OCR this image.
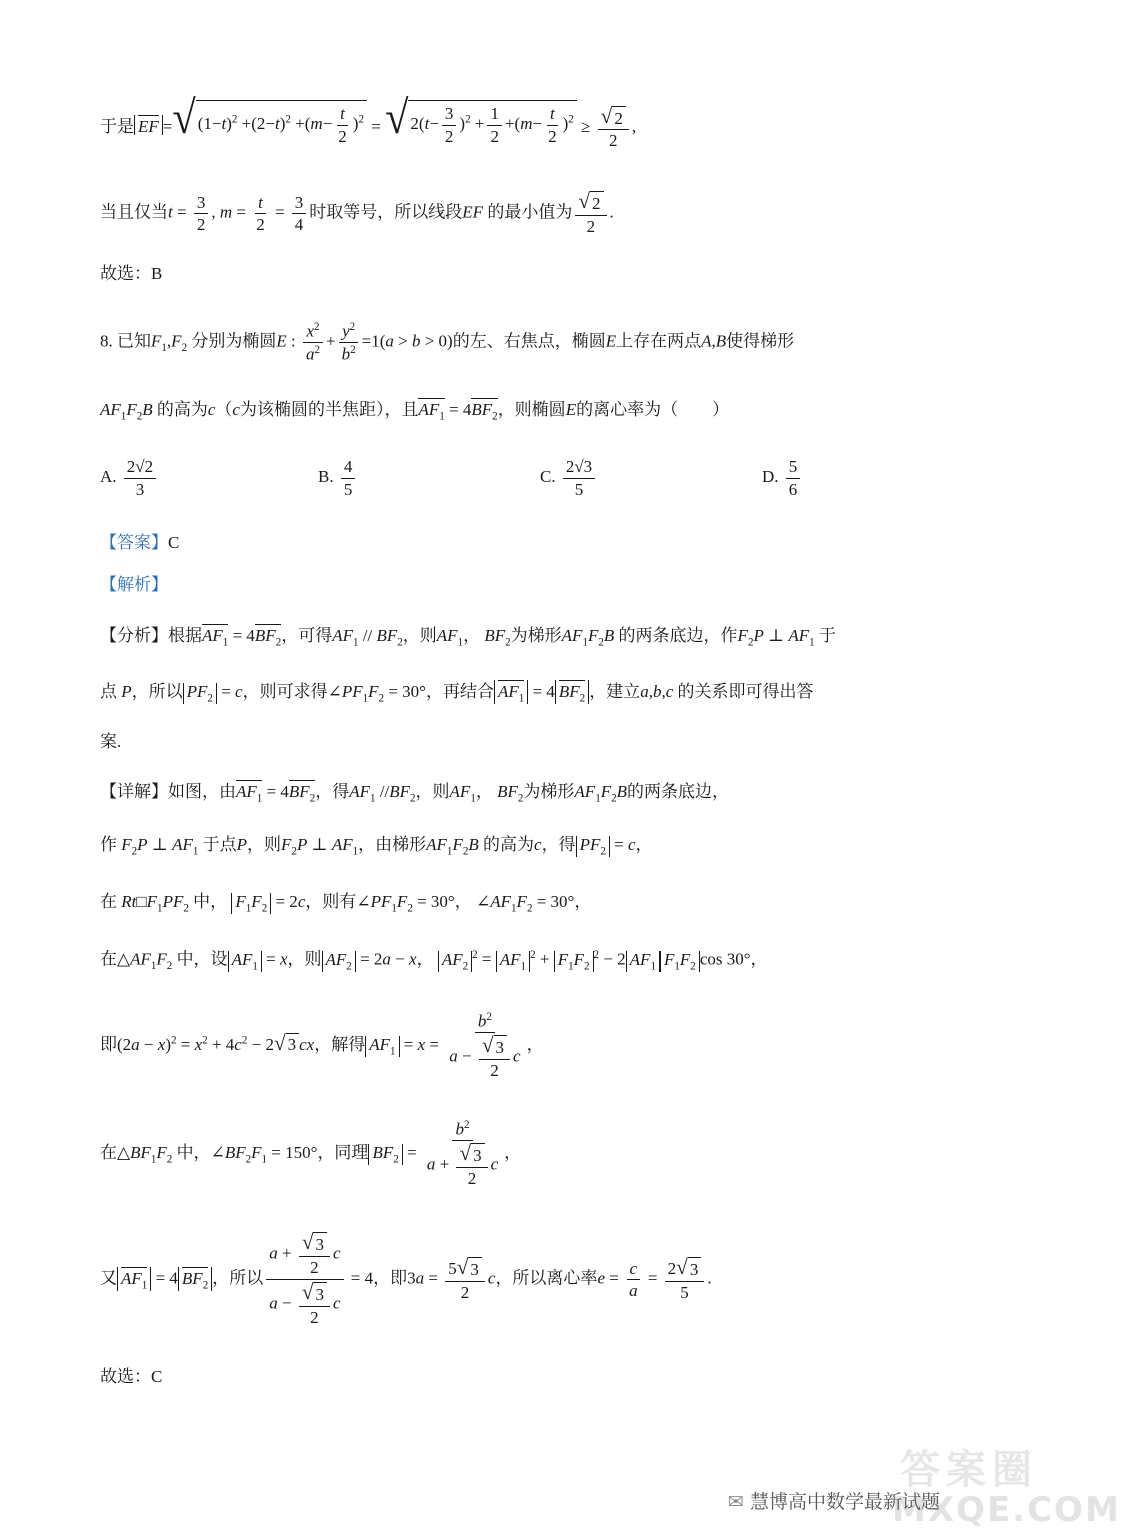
于是 EF = √ $(1-t)^2 +(2-t)^2 +(m- \frac{t}{2} )^2$ = √ $2(t- \frac{3}{2} )^2 + \frac{1}{2} +(m- \frac{t}{2} )^2 \ge \frac{√ 2}{2}$ ,
当且仅当$t = \frac{3}{2}$ , $m = \frac{t}{2} = \frac{3}{4}$ 时取等号，所以线段EF 的最小值为 $\frac{√ 2}{2}$ .
故选：B
8. 已知$F_1,F_2$ 分别为椭圆E : $\frac{x^2}{a^2} + \frac{y^2}{b^2} =1(a > b > 0)$的左、右焦点，椭圆E上存在两点A,B使得梯形
$AF_1F_2B$ 的高为c（c为该椭圆的半焦距），且$AF_1 = 4BF_2$，则椭圆E的离心率为（　　）
A. $\frac{2√2}{3}$	B. $\frac{4}{5}$	C. $\frac{2√3}{5}$	D. $\frac{5}{6}$
【答案】C
【解析】
【分析】根据$AF_1 = 4BF_2$，可得$AF_1 // BF_2$，则$AF_1$， $BF_2$为梯形$AF_1F_2B$ 的两条底边，作$F_2P$ ⊥ $AF_1$ 于
点 P，所以 $PF_2 = c$，则可求得$\angle PF_1F_2 = 30^\circ$，再结合 $AF_1 = 4$ $BF_2$ ，建立a,b,c 的关系即可得出答
案.
【详解】如图，由$AF_1 = 4BF_2$，得$AF_1$ $//BF_2$，则$AF_1$， $BF_2$为梯形$AF_1F_2B$的两条底边，
作 $F_2P$ ⊥ $AF_1$ 于点P，则$F_2P$ ⊥ $AF_1$，由梯形$AF_1F_2B$ 的高为c，得 $PF_2 = c$，
在 $Rt□F_1PF_2$ 中， $F_1F_2 = 2c$，则有$\angle PF_1F_2 = 30^\circ$， $\angle AF_1F_2 = 30^\circ$，
在$\triangle AF_1F_2$ 中，设 $AF_1 = x$，则 $AF_2 = 2a - x$， $AF_2^2 = AF_1^2 + F_1F_2^2 - 2$ $AF_1$ $F_1F_2$ cos 30°，
即$(2a - x)^2 = x^2 + 4c^2 - 2$ √ 3 cx，解得 $AF_1 = x = \frac{b^2}{a - \frac{√ 3}{2} c}$ ，
在$\triangle BF_1F_2$ 中，$\angle BF_2F_1 = 150^\circ$，同理 $BF_2 = \frac{b^2}{a + \frac{√ 3}{2} c}$ ，
又 $AF_1 = 4$ $BF_2$ ，所以 $\frac{a + \frac{√ 3}{2} c}{a - \frac{√ 3}{2} c} = 4$，即$3a = \frac{5 √ 3}{2}$ c，所以离心率$e = \frac{c}{a} = \frac{2 √ 3}{5}$ .
故选：C
答案圈
MXQE.COM
✉ 慧博高中数学最新试题
